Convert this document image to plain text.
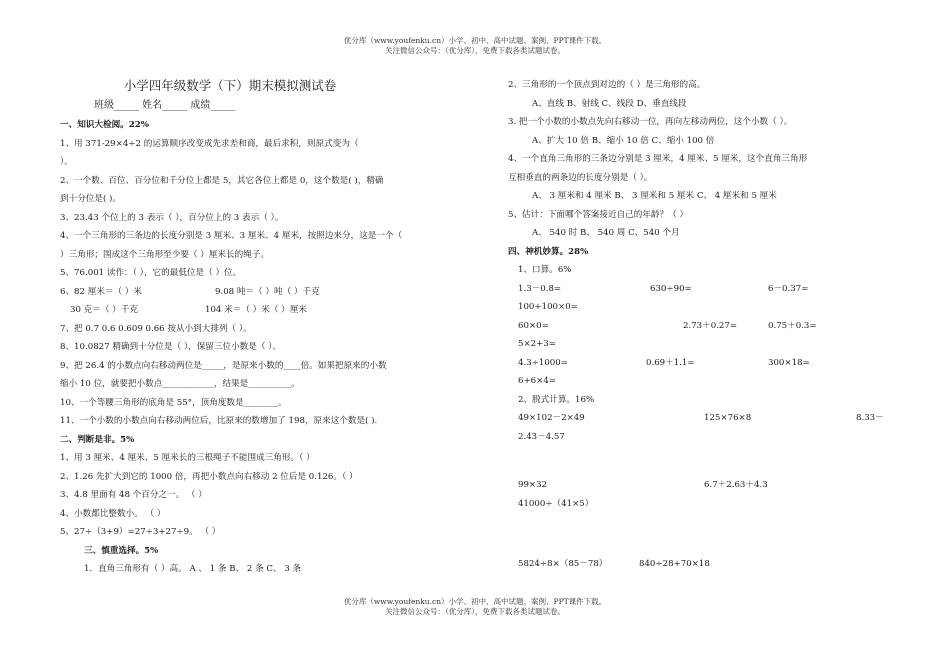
优分库（www.youfenku.cn）小学、初中、高中试题、案例、PPT课件下载。
关注微信公众号：（优分库），免费下载各类试题试卷。
小学四年级数学（下）期末模拟测试卷
班级_____ 姓名_____ 成绩_____
一、知识大检阅。22%
1、用 371-29×4÷2 的运算顺序改变成先求差和商，最后求积，则原式变为（
）。
2、一个数、百位、百分位和千分位上都是 5，其它各位上都是 0，这个数是( )，精确
到十分位是( )。
3、23.43 个位上的 3 表示（ ），百分位上的 3 表示（ ）。
4、一个三角形的三条边的长度分别是 3 厘米、3 厘米、4 厘米，按照边来分，这是一个（
）三角形；围成这个三角形至少要（ ）厘米长的绳子。
5、76.001 读作：（ ），它的最低位是（ ）位。
6、82 厘米＝（ ）米	9.08 吨＝（ ）吨（ ）千克
30 克＝（ ）千克	104 米＝（ ）米（ ）厘米
7、把 0.7 0.6 0.609 0.66 按从小到大排列（ ）。
8、10.0827 精确到十分位是（ ），保留三位小数是（ ）。
9、把 26.4 的小数点向右移动两位是_____，是原来小数的____倍。如果把原来的小数
缩小 10 位，就要把小数点____________，结果是__________。
10、一个等腰三角形的底角是 55°，顶角度数是________。
11、一个小数的小数点向右移动两位后，比原来的数增加了 198，原来这个数是( ).
二、判断是非。5%
1、用 3 厘米、4 厘米、5 厘米长的三根绳子不能围成三角形。（ ）
2、1.26 先扩大到它的 1000 倍，再把小数点向右移动 2 位后是 0.126。（ ）
3、4.8 里面有 48 个百分之一。 （ ）
4、小数都比整数小。 （ ）
5、27÷（3+9）=27÷3+27÷9。 （ ）
三、慎重选择。5%
1．直角三角形有（ ）高。 A 、 1 条 B、 2 条 C、 3 条
2、三角形的一个顶点到对边的（ ）是三角形的高。
A、直线 B、射线 C、线段 D、垂直线段
3. 把一个小数的小数点先向右移动一位，再向左移动两位，这个小数（ ）。
A、扩大 10 倍 B、缩小 10 倍 C、缩小 100 倍
4、一个直角三角形的三条边分别是 3 厘米，4 厘米、5 厘米，这个直角三角形
互相垂直的两条边的长度分别是（ ）。
A、 3 厘米和 4 厘米 B、 3 厘米和 5 厘米 C、 4 厘米和 5 厘米
5、估计：下面哪个答案接近自己的年龄？（ ）
A、 540 时 B、 540 周 C、540 个月
四、神机妙算。28%
1、口算。6%
1.3－0.8=	630÷90=	6－0.37=
100+100×0=
60×0=	2.73＋0.27=	0.75＋0.3=
5×2+3=
4.3÷1000=	0.69＋1.1=	300×18=
6+6×4=
2、脱式计算。16%
49×102－2×49	125×76×8	8.33－
2.43－4.57
99×32	6.7＋2.63＋4.3
41000÷（41×5）
5824÷8×（85－78）	840÷28+70×18
优分库（www.youfenku.cn）小学、初中、高中试题、案例、PPT课件下载。
关注微信公众号：（优分库），免费下载各类试题试卷。
